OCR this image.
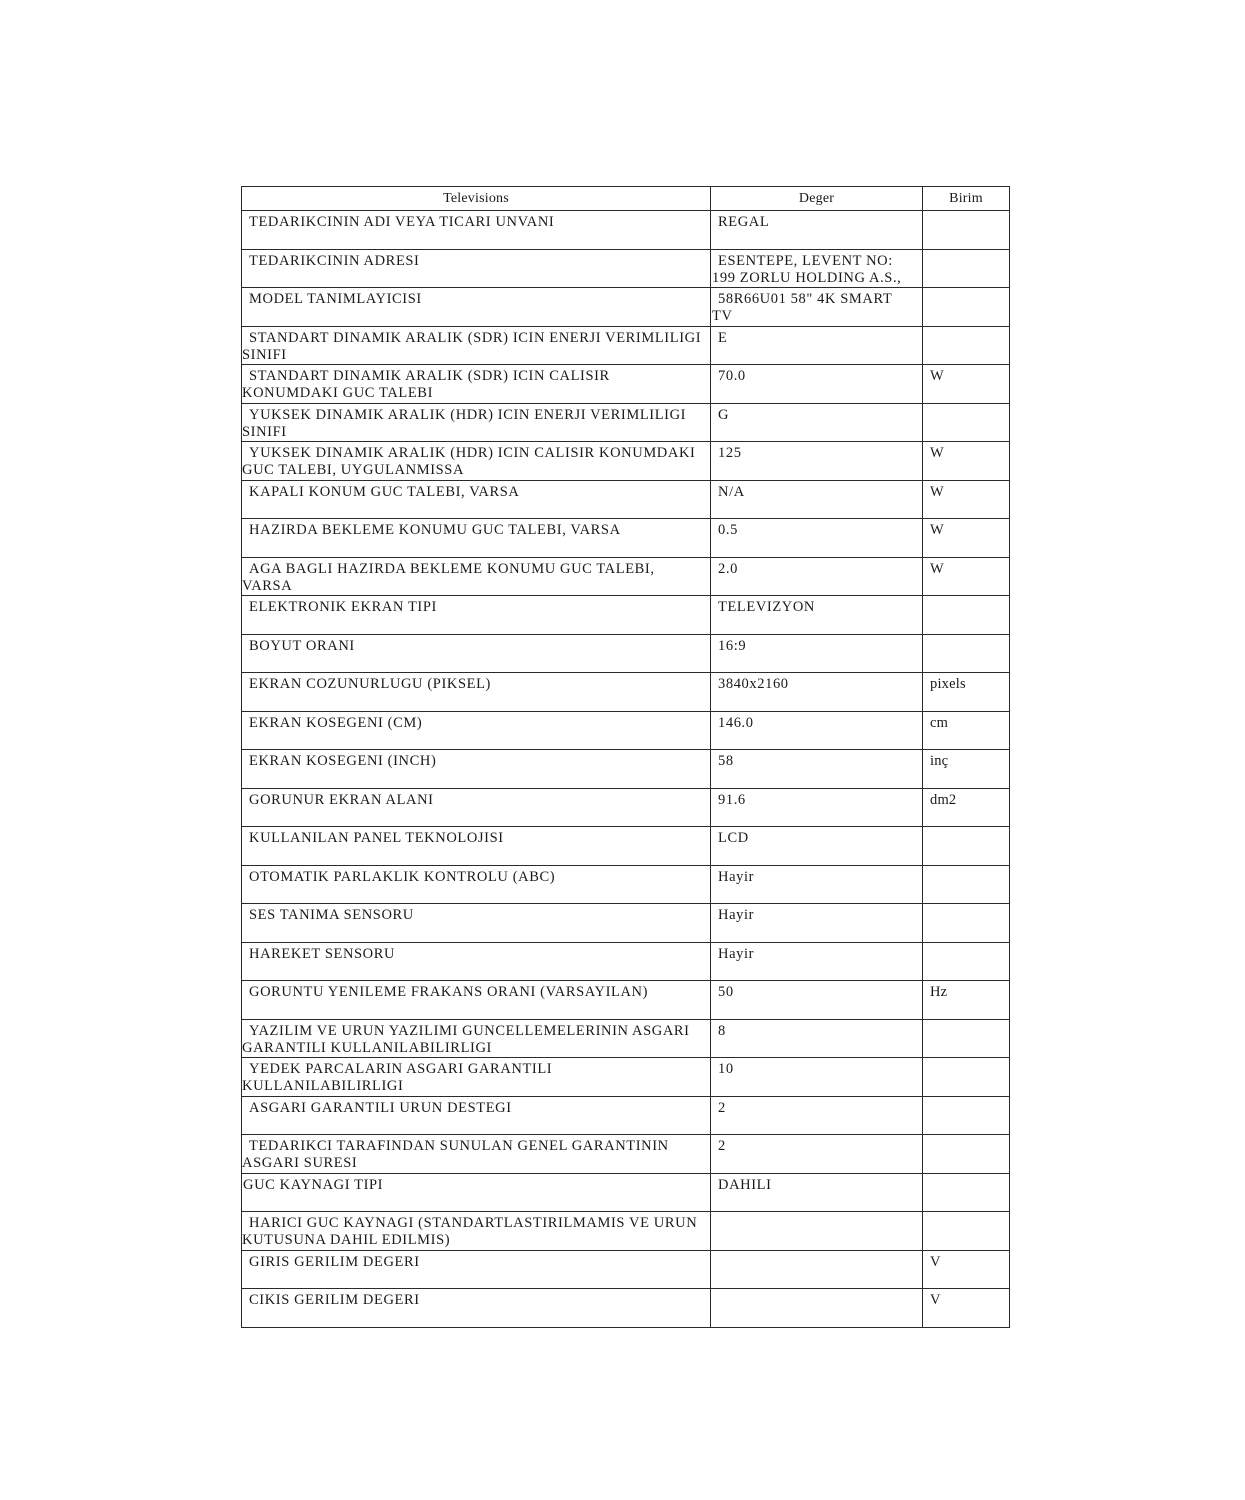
Televisions	Deger	Birim

TEDARIKCININ ADI VEYA TICARI UNVANI	REGAL	

TEDARIKCININ ADRESI	ESENTEPE, LEVENT NO: 199 ZORLU HOLDING A.S.,	

MODEL TANIMLAYICISI	58R66U01 58" 4K SMART TV	

STANDART DINAMIK ARALIK (SDR) ICIN ENERJI VERIMLILIGI SINIFI	E	

STANDART DINAMIK ARALIK (SDR) ICIN CALISIR KONUMDAKI GUC TALEBI	70.0	W

YUKSEK DINAMIK ARALIK (HDR) ICIN ENERJI VERIMLILIGI SINIFI	G	

YUKSEK DINAMIK ARALIK (HDR) ICIN CALISIR KONUMDAKI GUC TALEBI, UYGULANMISSA	125	W

KAPALI KONUM GUC TALEBI, VARSA	N/A	W

HAZIRDA BEKLEME KONUMU GUC TALEBI, VARSA	0.5	W

AGA BAGLI HAZIRDA BEKLEME KONUMU GUC TALEBI, VARSA	2.0	W

ELEKTRONIK EKRAN TIPI	TELEVIZYON	

BOYUT ORANI	16:9	

EKRAN COZUNURLUGU (PIKSEL)	3840x2160	pixels

EKRAN KOSEGENI (CM)	146.0	cm

EKRAN KOSEGENI (INCH)	58	inç

GORUNUR EKRAN ALANI	91.6	dm2

KULLANILAN PANEL TEKNOLOJISI	LCD	

OTOMATIK PARLAKLIK KONTROLU (ABC)	Hayir	

SES TANIMA SENSORU	Hayir	

HAREKET SENSORU	Hayir	

GORUNTU YENILEME FRAKANS ORANI (VARSAYILAN)	50	Hz

YAZILIM VE URUN YAZILIMI GUNCELLEMELERININ ASGARI GARANTILI KULLANILABILIRLIGI	8	

YEDEK PARCALARIN ASGARI GARANTILI KULLANILABILIRLIGI	10	

ASGARI GARANTILI URUN DESTEGI	2	

TEDARIKCI TARAFINDAN SUNULAN GENEL GARANTININ ASGARI SURESI	2	

GUC KAYNAGI TIPI	DAHILI	

HARICI GUC KAYNAGI (STANDARTLASTIRILMAMIS VE URUN KUTUSUNA DAHIL EDILMIS)		

GIRIS GERILIM DEGERI		V

CIKIS GERILIM DEGERI		V
